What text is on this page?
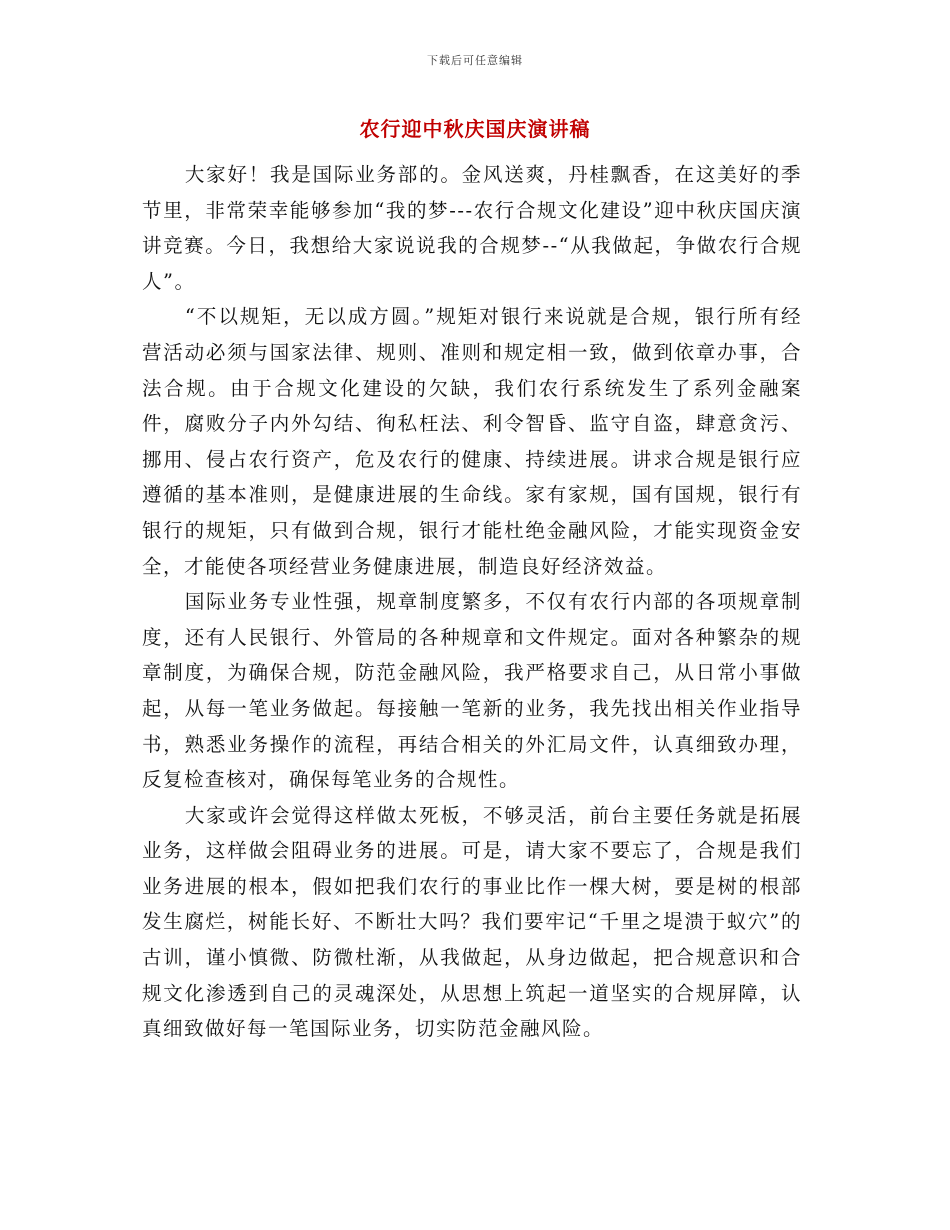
下载后可任意编辑
农行迎中秋庆国庆演讲稿

大家好！我是国际业务部的。金风送爽，丹桂飘香，在这美好的季节里，非常荣幸能够参加“我的梦---农行合规文化建设”迎中秋庆国庆演讲竞赛。今日，我想给大家说说我的合规梦--“从我做起，争做农行合规人”。

“不以规矩，无以成方圆。”规矩对银行来说就是合规，银行所有经营活动必须与国家法律、规则、准则和规定相一致，做到依章办事，合法合规。由于合规文化建设的欠缺，我们农行系统发生了系列金融案件，腐败分子内外勾结、徇私枉法、利令智昏、监守自盗，肆意贪污、挪用、侵占农行资产，危及农行的健康、持续进展。讲求合规是银行应遵循的基本准则，是健康进展的生命线。家有家规，国有国规，银行有银行的规矩，只有做到合规，银行才能杜绝金融风险，才能实现资金安全，才能使各项经营业务健康进展，制造良好经济效益。

国际业务专业性强，规章制度繁多，不仅有农行内部的各项规章制度，还有人民银行、外管局的各种规章和文件规定。面对各种繁杂的规章制度，为确保合规，防范金融风险，我严格要求自己，从日常小事做起，从每一笔业务做起。每接触一笔新的业务，我先找出相关作业指导书，熟悉业务操作的流程，再结合相关的外汇局文件，认真细致办理，反复检查核对，确保每笔业务的合规性。

大家或许会觉得这样做太死板，不够灵活，前台主要任务就是拓展业务，这样做会阻碍业务的进展。可是，请大家不要忘了，合规是我们业务进展的根本，假如把我们农行的事业比作一棵大树，要是树的根部发生腐烂，树能长好、不断壮大吗？我们要牢记“千里之堤溃于蚁穴”的古训，谨小慎微、防微杜渐，从我做起，从身边做起，把合规意识和合规文化渗透到自己的灵魂深处，从思想上筑起一道坚实的合规屏障，认真细致做好每一笔国际业务，切实防范金融风险。
